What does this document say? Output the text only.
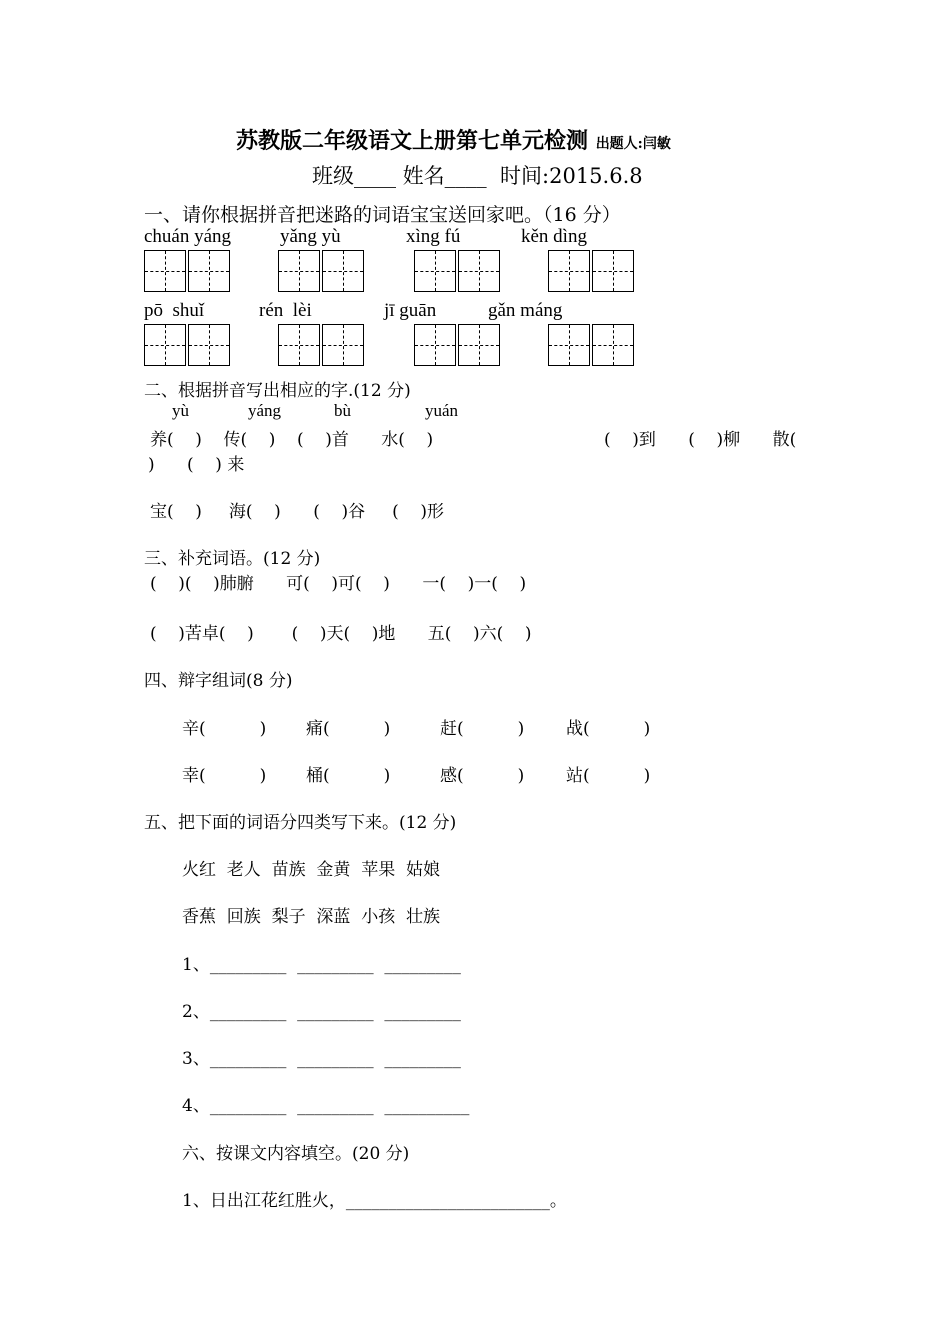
苏教版二年级语文上册第七单元检测 出题人:闫敏
班级____ 姓名____  时间:2015.6.8
一、请你根据拼音把迷路的词语宝宝送回家吧。（16 分）
chuán yáng	yǎng yù	xìng fú	kěn dìng
pō  shuǐ	rén  lèi	jī guān	gǎn máng
二、根据拼音写出相应的字.(12 分)
yù	yáng	bù	yuán
养(    )    传(    )    (    )首      水(    )	(    )到      (    )柳      散(
)      (    ) 来
宝(    )     海(    )      (    )谷     (    )形
三、补充词语。(12 分)
(    )(    )肺腑      可(    )可(    )      一(    )一(    )
(    )苦卓(    )       (    )天(    )地      五(    )六(    )
四、辩字组词(8 分)
辛(          ) 痛(          )	赶(          ) 战(          )
幸(          ) 桶(          )	感(          ) 站(          )
五、把下面的词语分四类写下来。(12 分)
火红  老人  苗族  金黄  苹果  姑娘
香蕉  回族  梨子  深蓝  小孩  壮族
1、_________  _________  _________
2、_________  _________  _________
3、_________  _________  _________
4、_________  _________  __________
六、按课文内容填空。(20 分)
1、日出江花红胜火，________________________。
